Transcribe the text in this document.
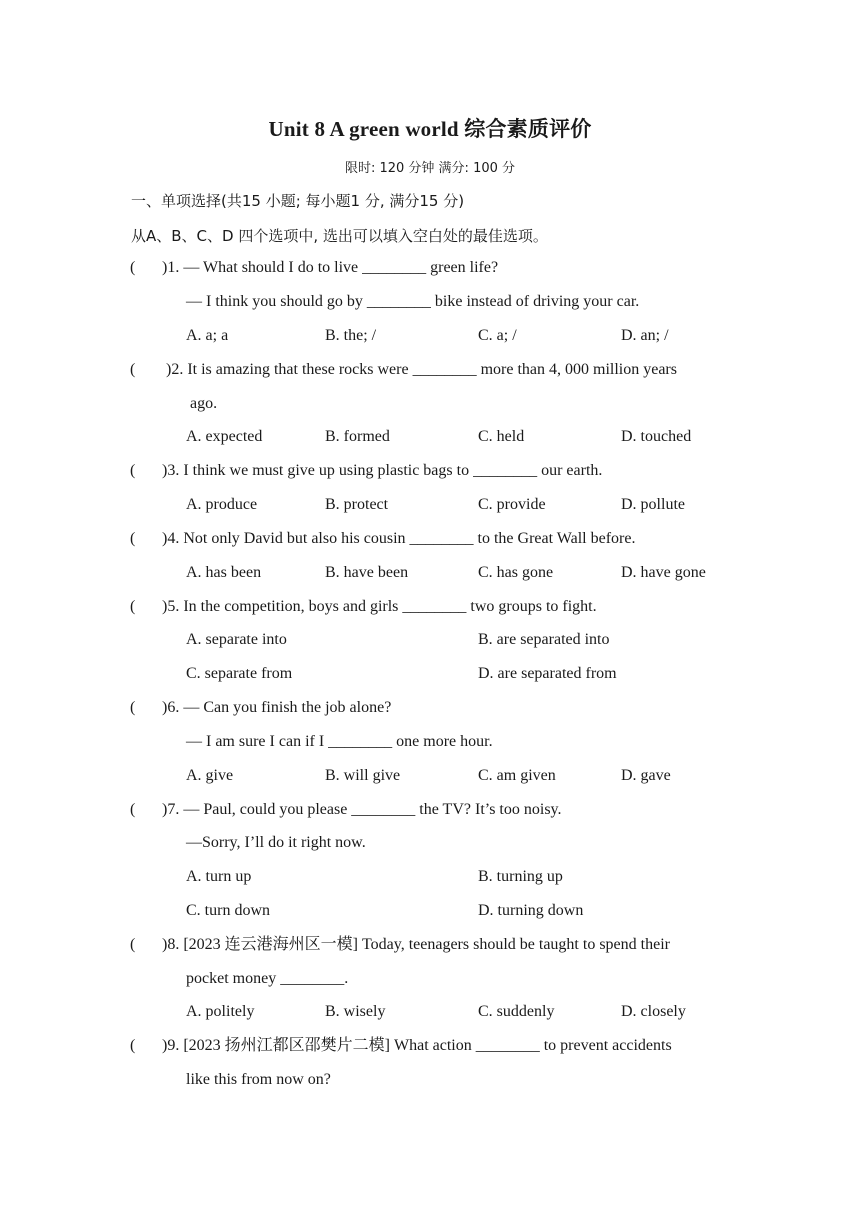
Unit 8 A green world 综合素质评价
限时: 120 分钟 满分: 100 分
一、单项选择(共15 小题; 每小题1 分, 满分15 分)
从A、B、C、D 四个选项中, 选出可以填入空白处的最佳选项。
( )1. — What should I do to live ________ green life?
— I think you should go by ________ bike instead of driving your car.
A. a; a	B. the; /	C. a; /	D. an; /
( )2. It is amazing that these rocks were ________ more than 4, 000 million years
ago.
A. expected	B. formed	C. held	D. touched
( )3. I think we must give up using plastic bags to ________ our earth.
A. produce	B. protect	C. provide	D. pollute
( )4. Not only David but also his cousin ________ to the Great Wall before.
A. has been	B. have been	C. has gone	D. have gone
( )5. In the competition, boys and girls ________ two groups to fight.
A. separate into	B. are separated into
C. separate from	D. are separated from
( )6. — Can you finish the job alone?
— I am sure I can if I ________ one more hour.
A. give	B. will give	C. am given	D. gave
( )7. — Paul, could you please ________ the TV? It’s too noisy.
—Sorry, I’ll do it right now.
A. turn up	B. turning up
C. turn down	D. turning down
( )8. [2023 连云港海州区一模] Today, teenagers should be taught to spend their
pocket money ________.
A. politely	B. wisely	C. suddenly	D. closely
( )9. [2023 扬州江都区邵樊片二模] What action ________ to prevent accidents
like this from now on?
